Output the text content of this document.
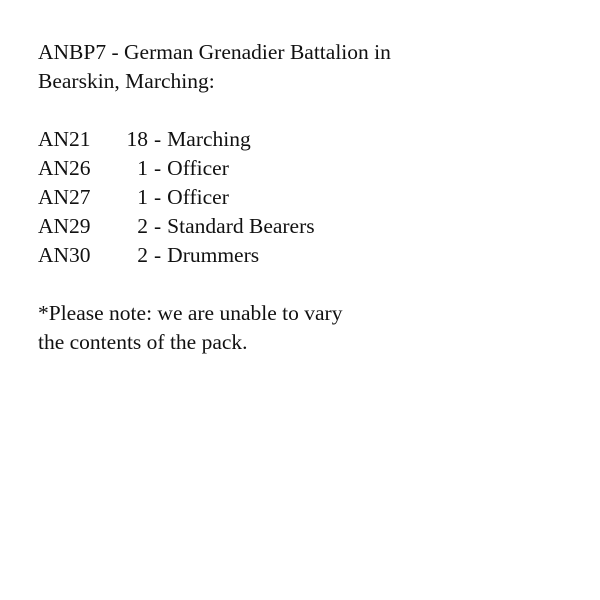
ANBP7 - German Grenadier Battalion in

Bearskin, Marching:

AN21	18 - Marching
AN26	1 - Officer
AN27	1 - Officer
AN29	2 - Standard Bearers
AN30	2 - Drummers

*Please note: we are unable to vary

the contents of the pack.
